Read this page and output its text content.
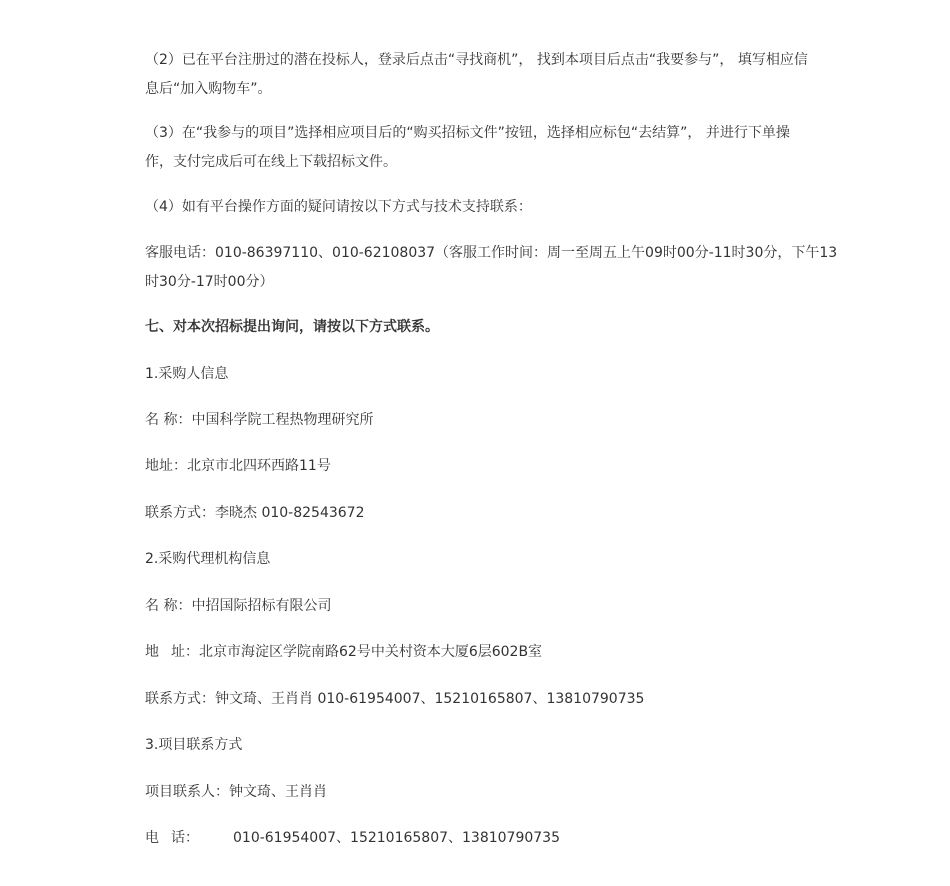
（2）已在平台注册过的潜在投标人，登录后点击“寻找商机”， 找到本项目后点击“我要参与”， 填写相应信
息后“加入购物车”。

（3）在“我参与的项目”选择相应项目后的“购买招标文件”按钮，选择相应标包“去结算”， 并进行下单操
作，支付完成后可在线上下载招标文件。

（4）如有平台操作方面的疑问请按以下方式与技术支持联系：

客服电话：010-86397110、010-62108037（客服工作时间：周一至周五上午09时00分-11时30分，下午13
时30分-17时00分）

七、对本次招标提出询问，请按以下方式联系。

1.采购人信息

名 称：中国科学院工程热物理研究所

地址：北京市北四环西路11号

联系方式：李晓杰 010-82543672

2.采购代理机构信息

名 称：中招国际招标有限公司

地 址：北京市海淀区学院南路62号中关村资本大厦6层602B室

联系方式：钟文琦、王肖肖 010-61954007、15210165807、13810790735

3.项目联系方式

项目联系人：钟文琦、王肖肖

电 话： 010-61954007、15210165807、13810790735
